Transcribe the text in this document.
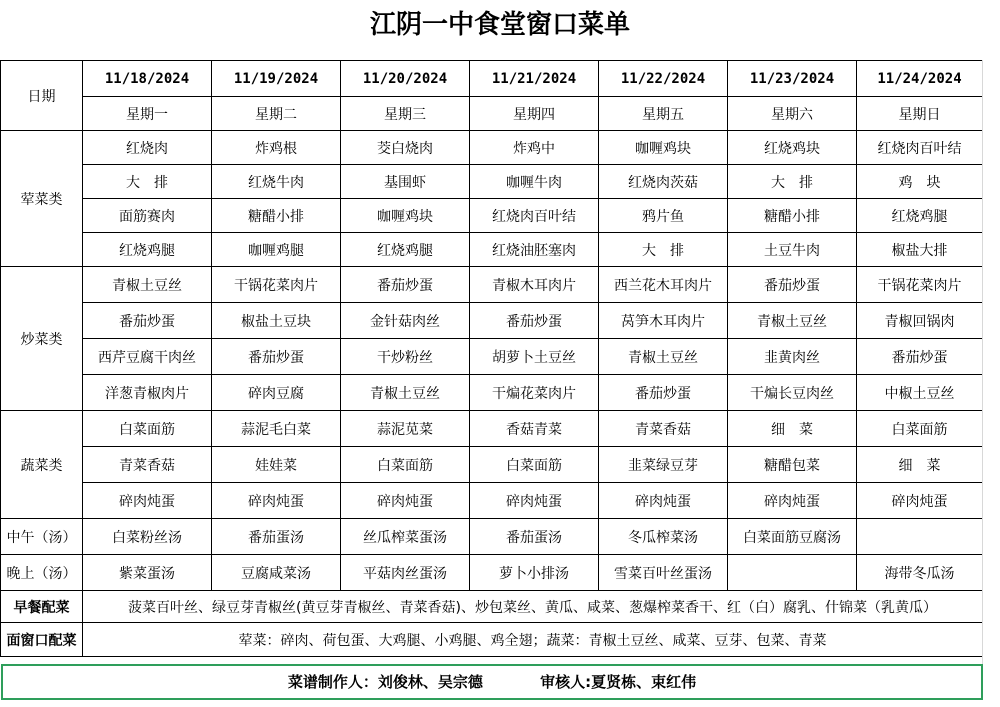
江阴一中食堂窗口菜单
日期	11/18/2024	11/19/2024	11/20/2024	11/21/2024	11/22/2024	11/23/2024	11/24/2024
	星期一	星期二	星期三	星期四	星期五	星期六	星期日
荤菜类	红烧肉	炸鸡根	茭白烧肉	炸鸡中	咖喱鸡块	红烧鸡块	红烧肉百叶结
	大　排	红烧牛肉	基围虾	咖喱牛肉	红烧肉茨菇	大　排	鸡　块
	面筋赛肉	糖醋小排	咖喱鸡块	红烧肉百叶结	鸦片鱼	糖醋小排	红烧鸡腿
	红烧鸡腿	咖喱鸡腿	红烧鸡腿	红烧油胚塞肉	大　排	土豆牛肉	椒盐大排
炒菜类	青椒土豆丝	干锅花菜肉片	番茄炒蛋	青椒木耳肉片	西兰花木耳肉片	番茄炒蛋	干锅花菜肉片
	番茄炒蛋	椒盐土豆块	金针菇肉丝	番茄炒蛋	莴笋木耳肉片	青椒土豆丝	青椒回锅肉
	西芹豆腐干肉丝	番茄炒蛋	干炒粉丝	胡萝卜土豆丝	青椒土豆丝	韭黄肉丝	番茄炒蛋
	洋葱青椒肉片	碎肉豆腐	青椒土豆丝	干煸花菜肉片	番茄炒蛋	干煸长豆肉丝	中椒土豆丝
蔬菜类	白菜面筋	蒜泥毛白菜	蒜泥苋菜	香菇青菜	青菜香菇	细　菜	白菜面筋
	青菜香菇	娃娃菜	白菜面筋	白菜面筋	韭菜绿豆芽	糖醋包菜	细　菜
	碎肉炖蛋	碎肉炖蛋	碎肉炖蛋	碎肉炖蛋	碎肉炖蛋	碎肉炖蛋	碎肉炖蛋
中午（汤）	白菜粉丝汤	番茄蛋汤	丝瓜榨菜蛋汤	番茄蛋汤	冬瓜榨菜汤	白菜面筋豆腐汤	
晚上（汤）	紫菜蛋汤	豆腐咸菜汤	平菇肉丝蛋汤	萝卜小排汤	雪菜百叶丝蛋汤		海带冬瓜汤
早餐配菜	菠菜百叶丝、绿豆芽青椒丝(黄豆芽青椒丝、青菜香菇)、炒包菜丝、黄瓜、咸菜、葱爆榨菜香干、红（白）腐乳、什锦菜（乳黄瓜）						
面窗口配菜	荤菜：碎肉、荷包蛋、大鸡腿、小鸡腿、鸡全翅；蔬菜：青椒土豆丝、咸菜、豆芽、包菜、青菜						
菜谱制作人：刘俊林、吴宗德	审核人:夏贤栋、束红伟
